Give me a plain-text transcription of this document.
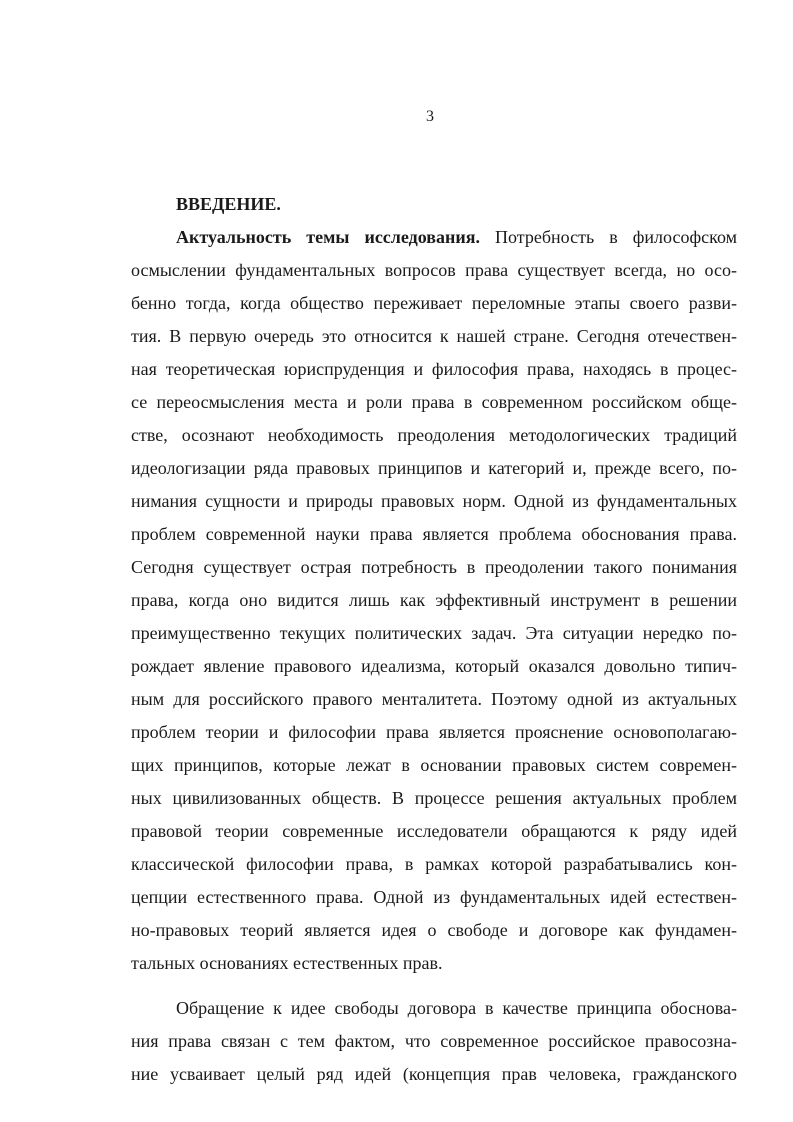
3
ВВЕДЕНИЕ.
Актуальность темы исследования. Потребность в философском
осмыслении фундаментальных вопросов права существует всегда, но осо-
бенно тогда, когда общество переживает переломные этапы своего разви-
тия. В первую очередь это относится к нашей стране. Сегодня отечествен-
ная теоретическая юриспруденция и философия права, находясь в процес-
се переосмысления места и роли права в современном российском обще-
стве, осознают необходимость преодоления методологических традиций
идеологизации ряда правовых принципов и категорий и, прежде всего, по-
нимания сущности и природы правовых норм. Одной из фундаментальных
проблем современной науки права является проблема обоснования права.
Сегодня существует острая потребность в преодолении такого понимания
права, когда оно видится лишь как эффективный инструмент в решении
преимущественно текущих политических задач. Эта ситуации нередко по-
рождает явление правового идеализма, который оказался довольно типич-
ным для российского правого менталитета. Поэтому одной из актуальных
проблем теории и философии права является прояснение основополагаю-
щих принципов, которые лежат в основании правовых систем современ-
ных цивилизованных обществ. В процессе решения актуальных проблем
правовой теории современные исследователи обращаются к ряду идей
классической философии права, в рамках которой разрабатывались кон-
цепции естественного права. Одной из фундаментальных идей естествен-
но-правовых теорий является идея о свободе и договоре как фундамен-
тальных основаниях естественных прав.
Обращение к идее свободы договора в качестве принципа обоснова-
ния права связан с тем фактом, что современное российское правосозна-
ние усваивает целый ряд идей (концепция прав человека, гражданского
